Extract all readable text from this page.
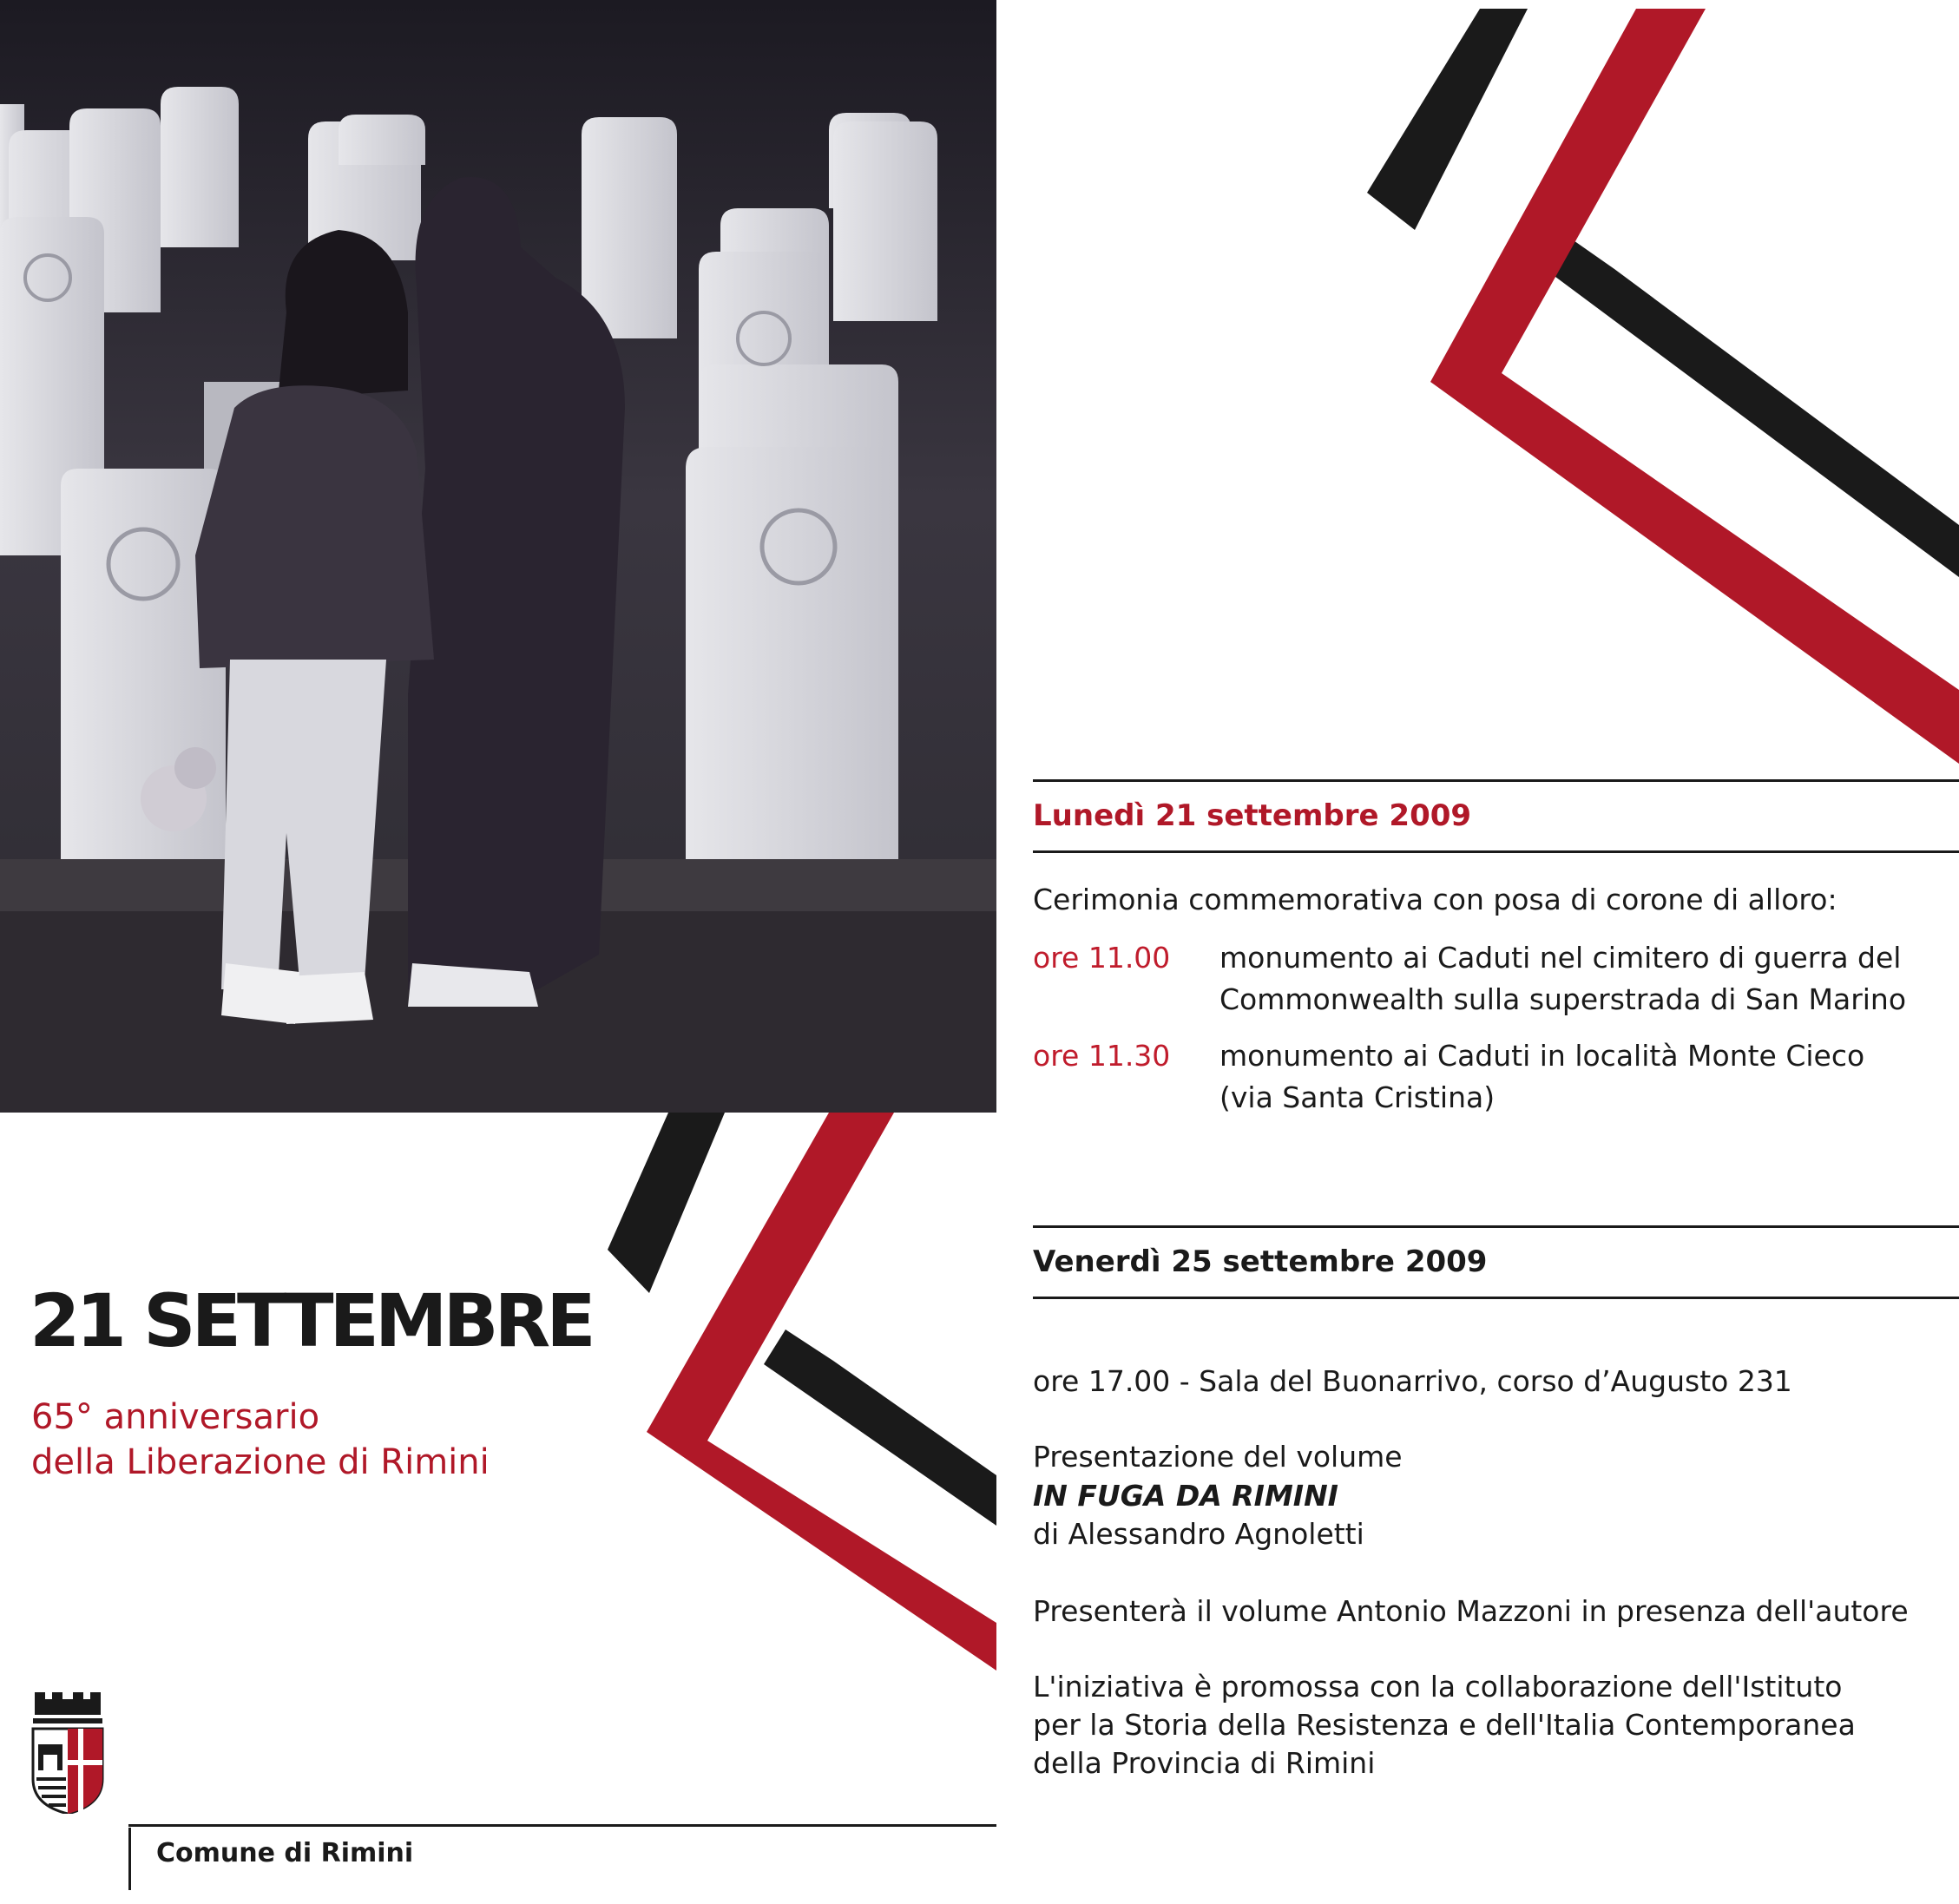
21 SETTEMBRE
65° anniversario
della Liberazione di Rimini
Comune di Rimini
Lunedì 21 settembre 2009
Cerimonia commemorativa con posa di corone di alloro:
ore 11.00 monumento ai Caduti nel cimitero di guerra del
Commonwealth sulla superstrada di San Marino
ore 11.30 monumento ai Caduti in località Monte Cieco
(via Santa Cristina)
Venerdì 25 settembre 2009
ore 17.00 - Sala del Buonarrivo, corso d’Augusto 231
Presentazione del volume
IN FUGA DA RIMINI
di Alessandro Agnoletti
Presenterà il volume Antonio Mazzoni in presenza dell'autore
L'iniziativa è promossa con la collaborazione dell'Istituto
per la Storia della Resistenza e dell'Italia Contemporanea
della Provincia di Rimini
